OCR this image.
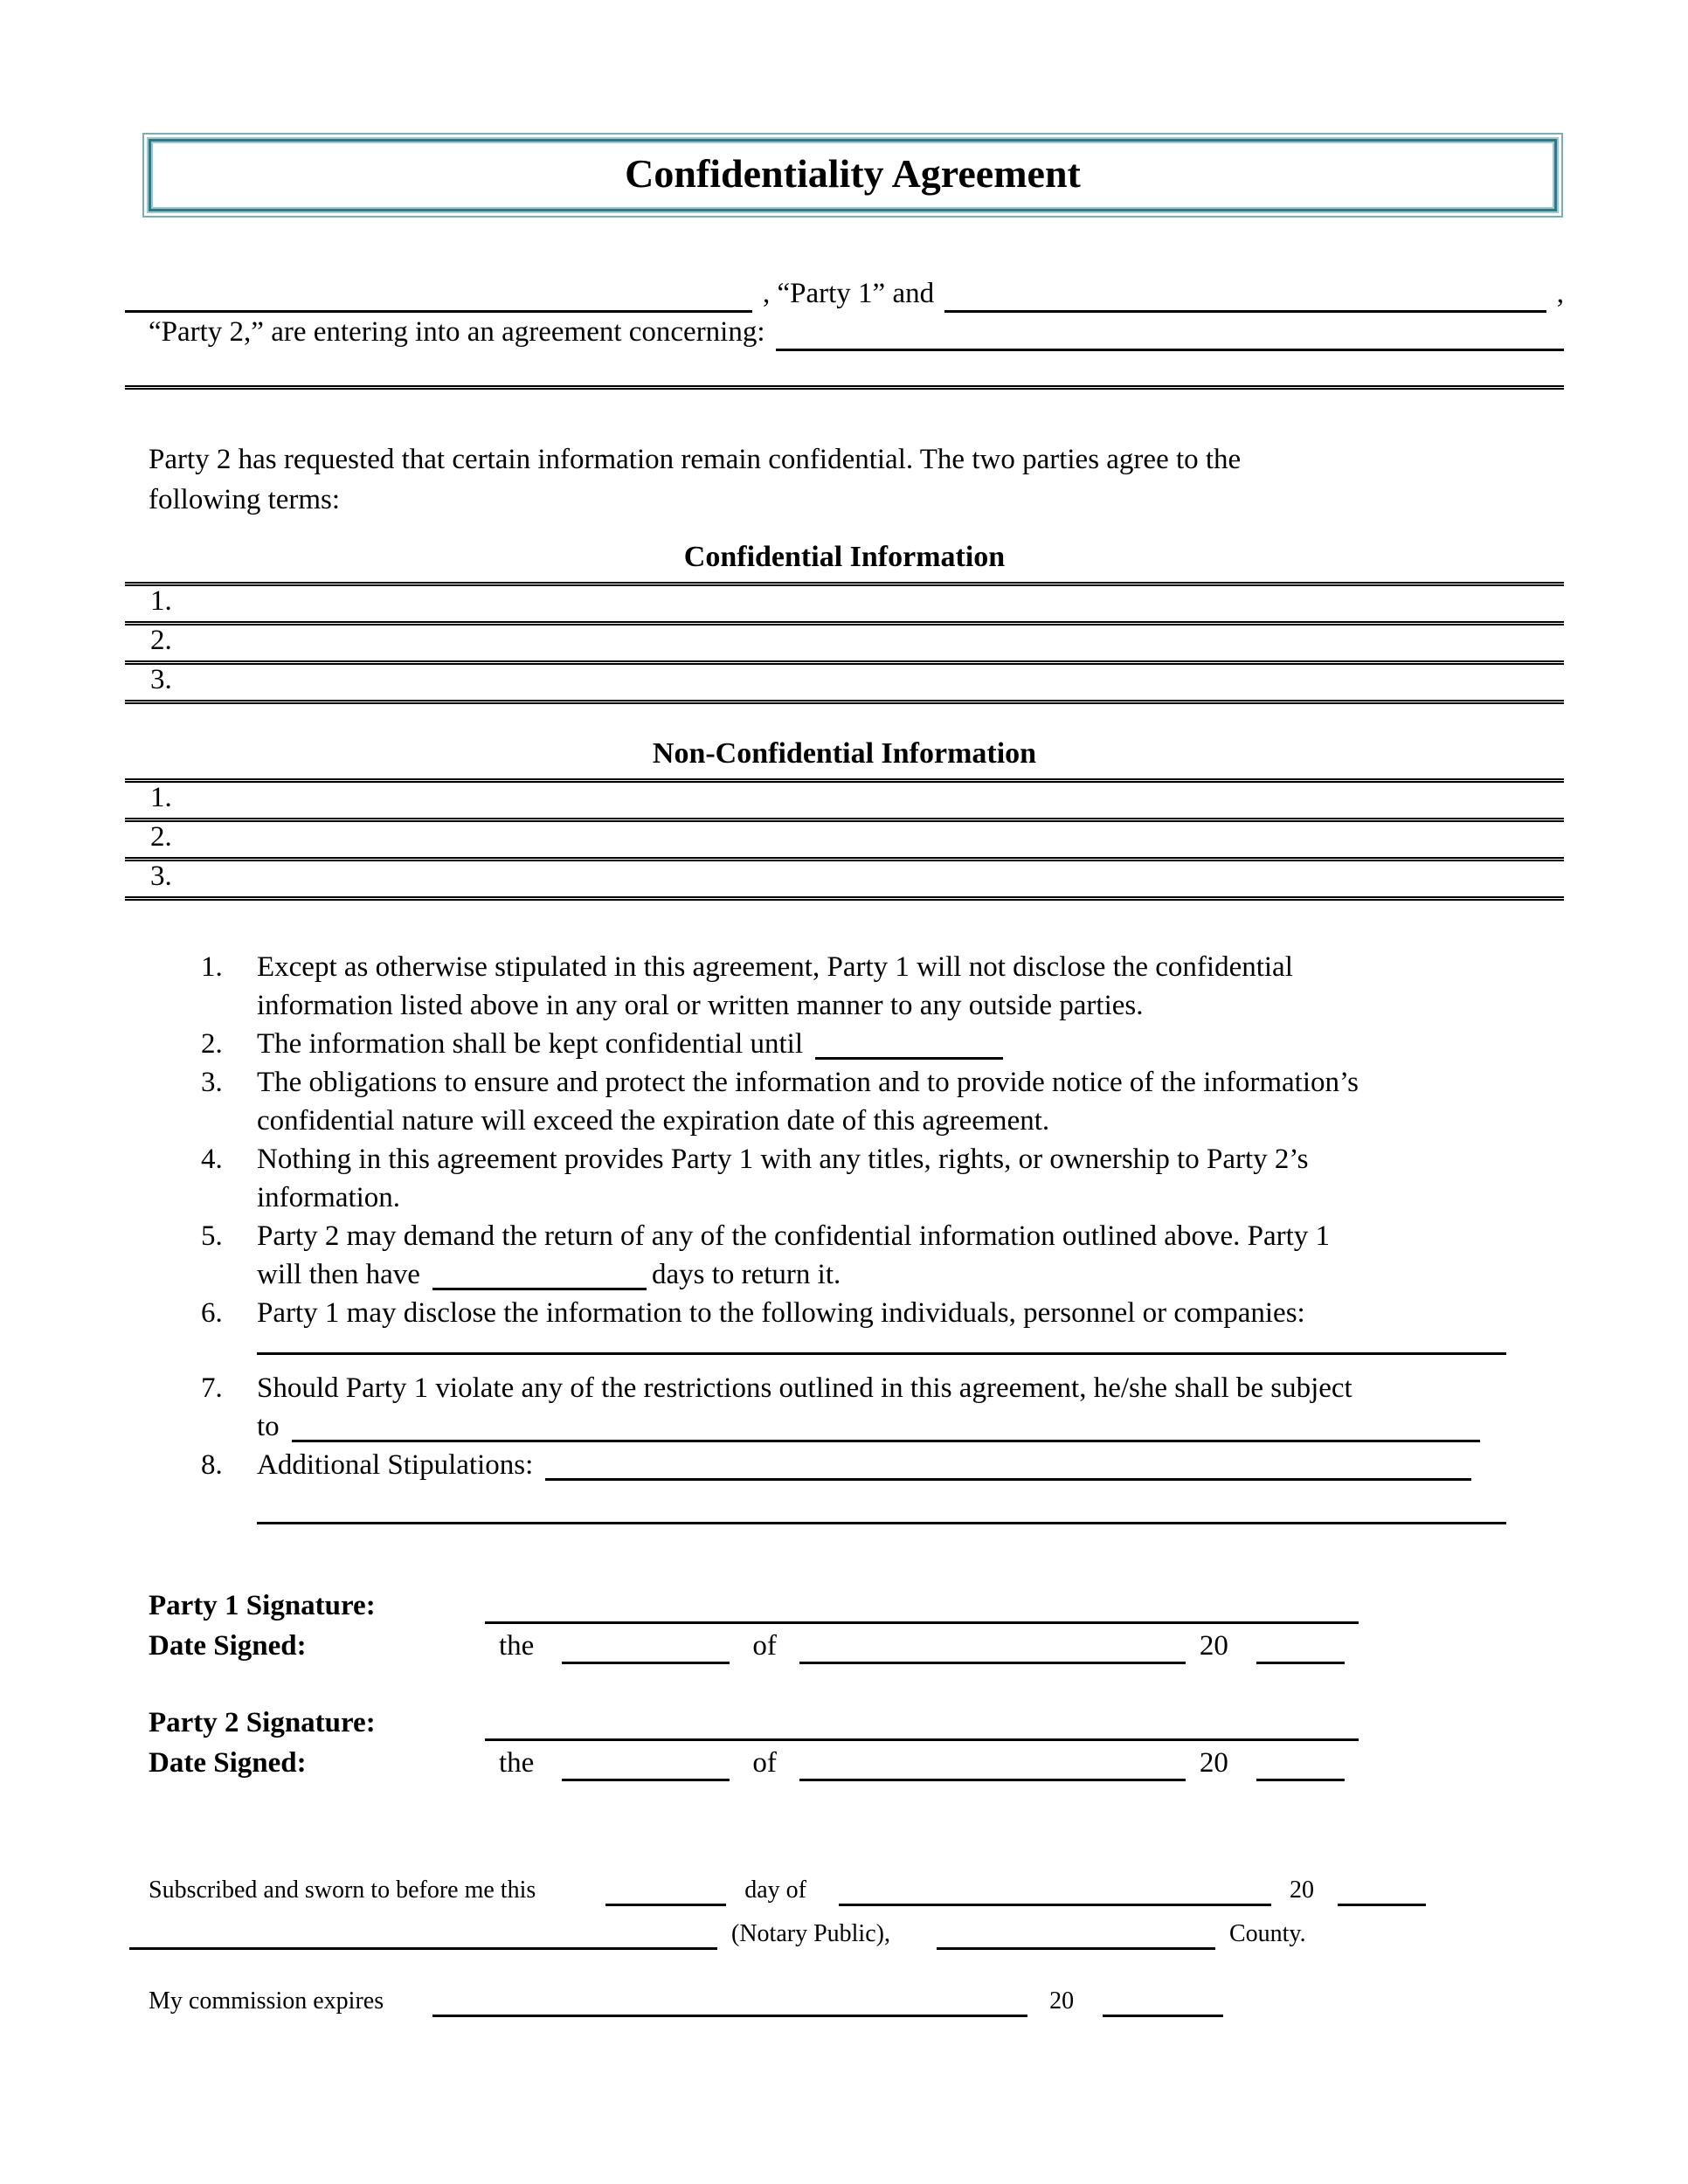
Confidentiality Agreement
, “Party 1” and	,
“Party 2,” are entering into an agreement concerning:
Party 2 has requested that certain information remain confidential. The two parties agree to the
following terms:
Confidential Information
1.
2.
3.
Non-Confidential Information
1.
2.
3.
1.	Except as otherwise stipulated in this agreement, Party 1 will not disclose the confidential
information listed above in any oral or written manner to any outside parties.
2.	The information shall be kept confidential until
3.	The obligations to ensure and protect the information and to provide notice of the information’s
confidential nature will exceed the expiration date of this agreement.
4.	Nothing in this agreement provides Party 1 with any titles, rights, or ownership to Party 2’s
information.
5.	Party 2 may demand the return of any of the confidential information outlined above. Party 1
will then have	days to return it.
6.	Party 1 may disclose the information to the following individuals, personnel or companies:
7.	Should Party 1 violate any of the restrictions outlined in this agreement, he/she shall be subject
to
8.	Additional Stipulations:
Party 1 Signature:
Date Signed:	the	of	20
Party 2 Signature:
Date Signed:	the	of	20
Subscribed and sworn to before me this	day of	20
(Notary Public),	County.
My commission expires	20
